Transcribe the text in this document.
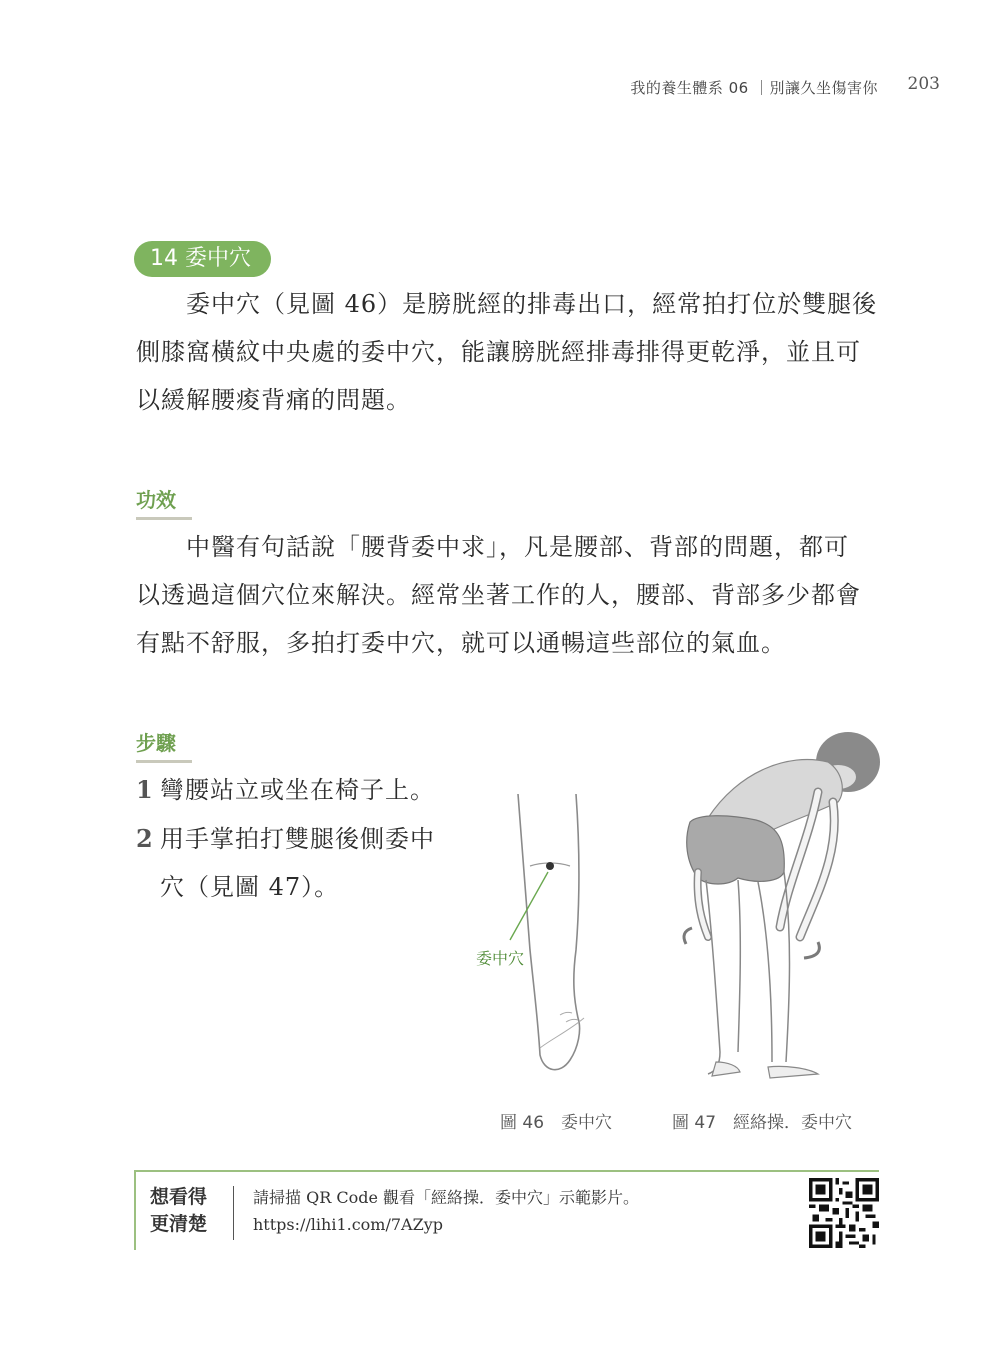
我的養生體系 06 ｜別讓久坐傷害你 203
14 委中穴
委中穴（見圖 46）是膀胱經的排毒出口，經常拍打位於雙腿後
側膝窩橫紋中央處的委中穴，能讓膀胱經排毒排得更乾淨，並且可
以緩解腰痠背痛的問題。
功效
中醫有句話說「腰背委中求」，凡是腰部、背部的問題，都可
以透過這個穴位來解決。經常坐著工作的人，腰部、背部多少都會
有點不舒服，多拍打委中穴，就可以通暢這些部位的氣血。
步驟
1 彎腰站立或坐在椅子上。
2 用手掌拍打雙腿後側委中
穴（見圖 47）。
委中穴
圖 46　委中穴	圖 47　經絡操．委中穴
想看得
更清楚
請掃描 QR Code 觀看「經絡操．委中穴」示範影片。
https://lihi1.com/7AZyp
